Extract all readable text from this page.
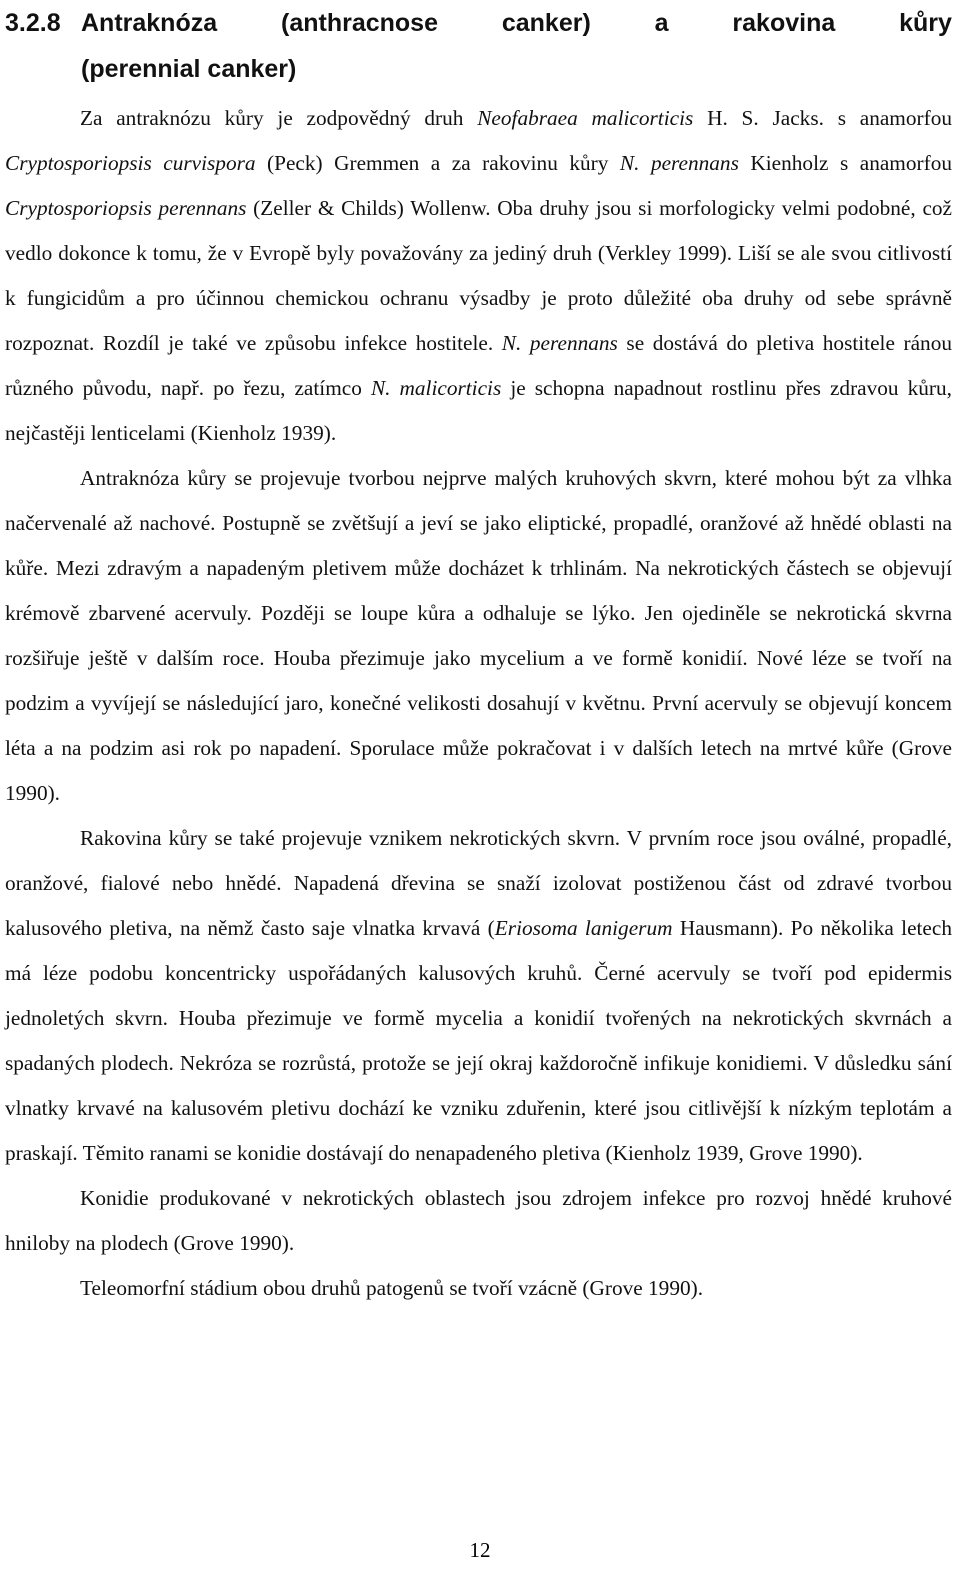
3.2.8 Antraknóza	(anthracnose	canker)	a	rakovina	kůry
(perennial canker)

Za antraknózu kůry je zodpovědný druh Neofabraea malicorticis H. S. Jacks. s anamorfou Cryptosporiopsis curvispora (Peck) Gremmen a za rakovinu kůry N. perennans Kienholz s anamorfou Cryptosporiopsis perennans (Zeller & Childs) Wollenw. Oba druhy jsou si morfologicky velmi podobné, což vedlo dokonce k tomu, že v Evropě byly považovány za jediný druh (Verkley 1999). Liší se ale svou citlivostí k fungicidům a pro účinnou chemickou ochranu výsadby je proto důležité oba druhy od sebe správně rozpoznat. Rozdíl je také ve způsobu infekce hostitele. N. perennans se dostává do pletiva hostitele ránou různého původu, např. po řezu, zatímco N. malicorticis je schopna napadnout rostlinu přes zdravou kůru, nejčastěji lenticelami (Kienholz 1939).

Antraknóza kůry se projevuje tvorbou nejprve malých kruhových skvrn, které mohou být za vlhka načervenalé až nachové. Postupně se zvětšují a jeví se jako eliptické, propadlé, oranžové až hnědé oblasti na kůře. Mezi zdravým a napadeným pletivem může docházet k trhlinám. Na nekrotických částech se objevují krémově zbarvené acervuly. Později se loupe kůra a odhaluje se lýko. Jen ojediněle se nekrotická skvrna rozšiřuje ještě v dalším roce. Houba přezimuje jako mycelium a ve formě konidií. Nové léze se tvoří na podzim a vyvíjejí se následující jaro, konečné velikosti dosahují v květnu. První acervuly se objevují koncem léta a na podzim asi rok po napadení. Sporulace může pokračovat i v dalších letech na mrtvé kůře (Grove 1990).

Rakovina kůry se také projevuje vznikem nekrotických skvrn. V prvním roce jsou oválné, propadlé, oranžové, fialové nebo hnědé. Napadená dřevina se snaží izolovat postiženou část od zdravé tvorbou kalusového pletiva, na němž často saje vlnatka krvavá (Eriosoma lanigerum Hausmann). Po několika letech má léze podobu koncentricky uspořádaných kalusových kruhů. Černé acervuly se tvoří pod epidermis jednoletých skvrn. Houba přezimuje ve formě mycelia a konidií tvořených na nekrotických skvrnách a spadaných plodech. Nekróza se rozrůstá, protože se její okraj každoročně infikuje konidiemi. V důsledku sání vlnatky krvavé na kalusovém pletivu dochází ke vzniku zduřenin, které jsou citlivější k nízkým teplotám a praskají. Těmito ranami se konidie dostávají do nenapadeného pletiva (Kienholz 1939, Grove 1990).

Konidie produkované v nekrotických oblastech jsou zdrojem infekce pro rozvoj hnědé kruhové hniloby na plodech (Grove 1990).

Teleomorfní stádium obou druhů patogenů se tvoří vzácně (Grove 1990).

12
